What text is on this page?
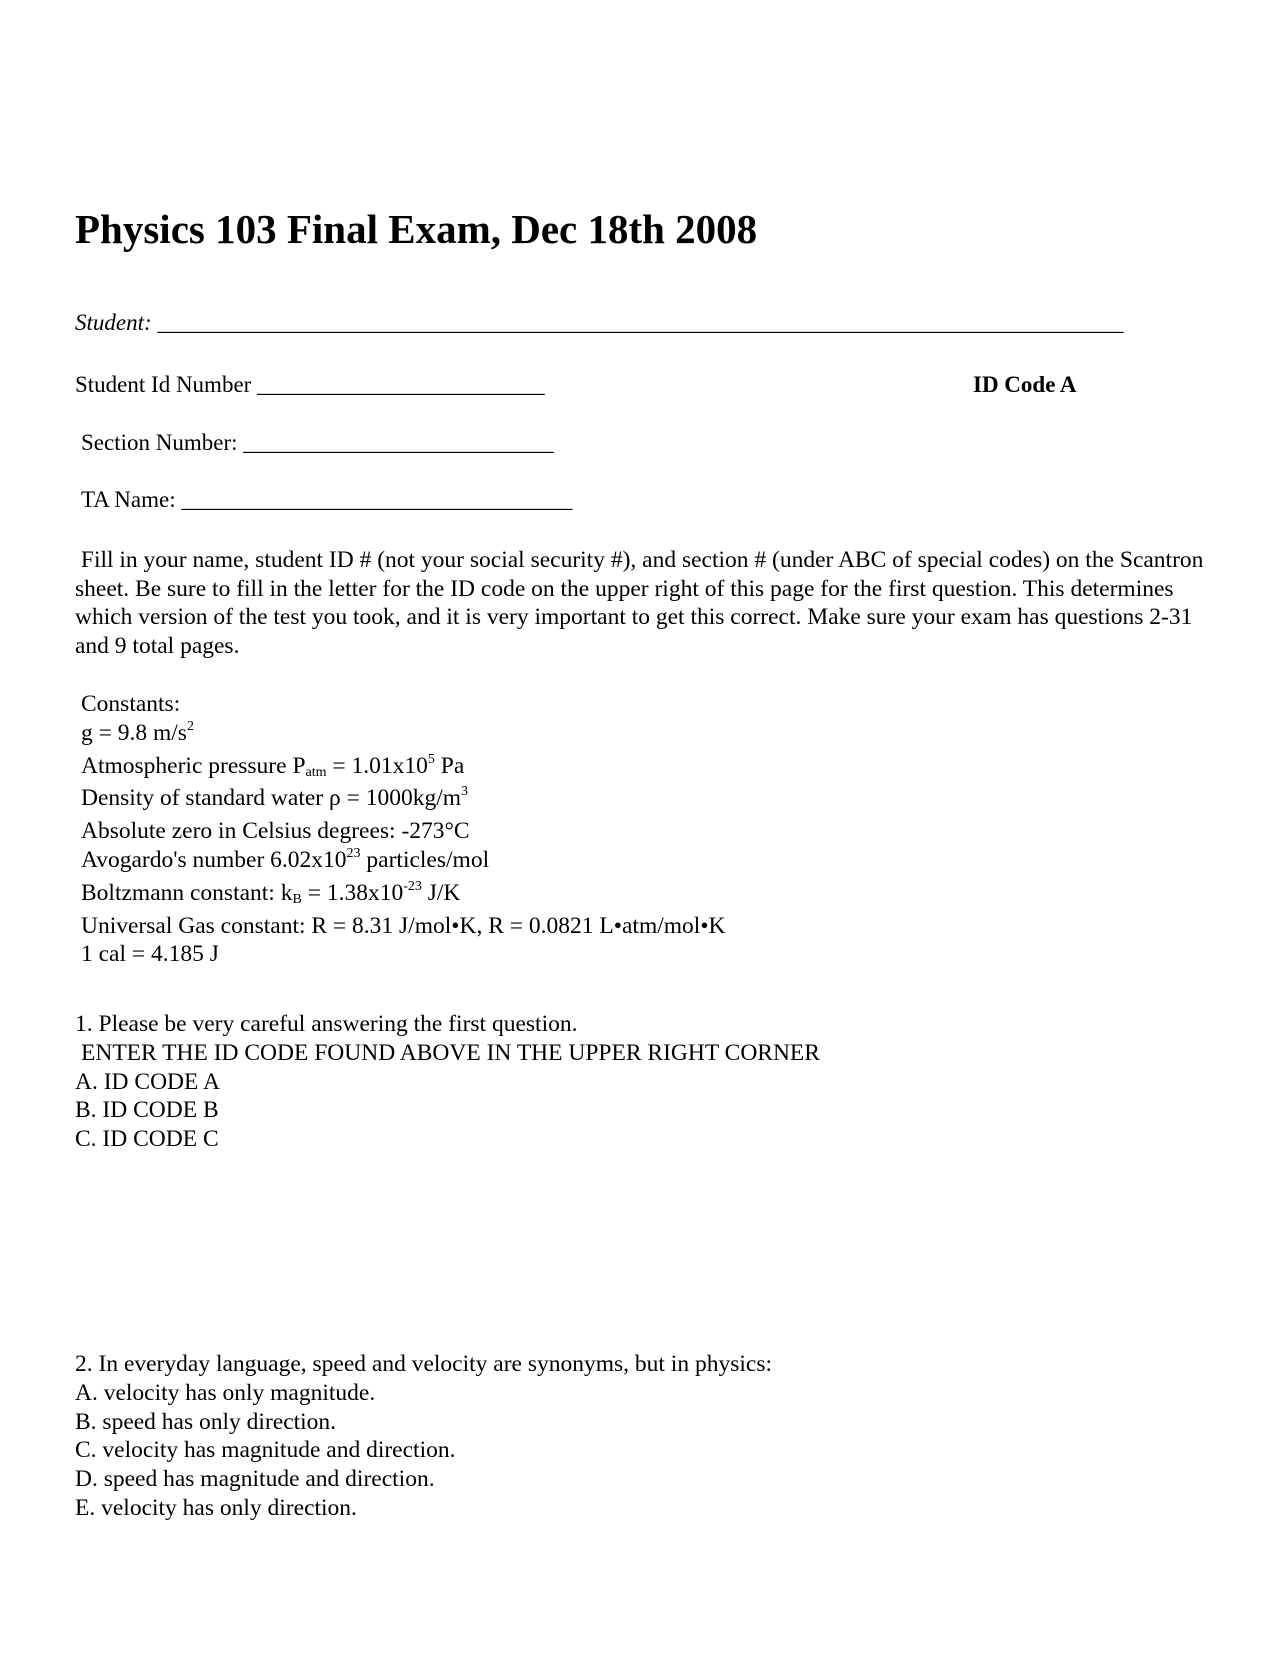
Physics 103 Final Exam, Dec 18th 2008
Student: ____________________________________________________________________________________
Student Id Number _________________________	ID Code A
Section Number: ___________________________
TA Name: __________________________________
Fill in your name, student ID # (not your social security #), and section # (under ABC of special codes) on the Scantron sheet. Be sure to fill in the letter for the ID code on the upper right of this page for the first question. This determines which version of the test you took, and it is very important to get this correct. Make sure your exam has questions 2-31 and 9 total pages.
Constants:
g = 9.8 $m/s^2$
Atmospheric pressure $P_{atm} = 1.01x10^5$ Pa
Density of standard water $\rho = 1000kg/m^3$
Absolute zero in Celsius degrees: -273°C
Avogardo's number $6.02x10^{23}$ particles/mol
Boltzmann constant: $k_B = 1.38x10^{-23}$ J/K
Universal Gas constant: R = 8.31 J/mol•K, R = 0.0821 L•atm/mol•K
1 cal = 4.185 J
1. Please be very careful answering the first question.
ENTER THE ID CODE FOUND ABOVE IN THE UPPER RIGHT CORNER
A. ID CODE A
B. ID CODE B
C. ID CODE C
2. In everyday language, speed and velocity are synonyms, but in physics:
A. velocity has only magnitude.
B. speed has only direction.
C. velocity has magnitude and direction.
D. speed has magnitude and direction.
E. velocity has only direction.
